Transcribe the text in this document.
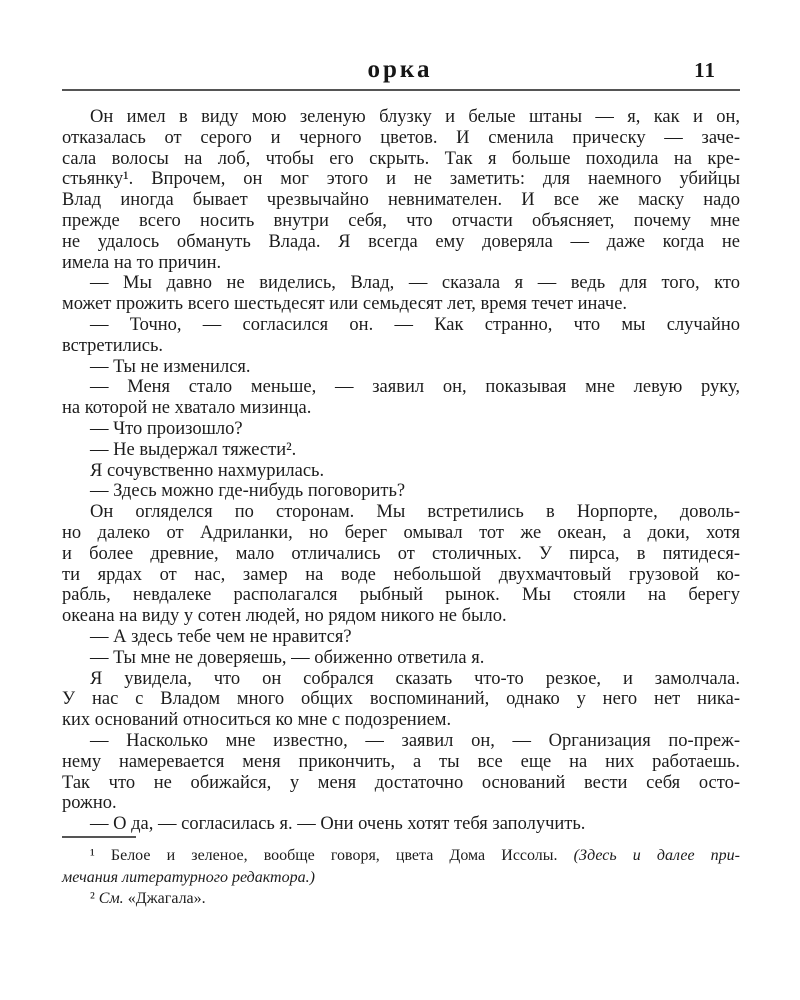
орка	11
Он имел в виду мою зеленую блузку и белые штаны — я, как и он,
отказалась от серого и черного цветов. И сменила прическу — заче-
сала волосы на лоб, чтобы его скрыть. Так я больше походила на кре-
стьянку¹. Впрочем, он мог этого и не заметить: для наемного убийцы
Влад иногда бывает чрезвычайно невнимателен. И все же маску надо
прежде всего носить внутри себя, что отчасти объясняет, почему мне
не удалось обмануть Влада. Я всегда ему доверяла — даже когда не
имела на то причин.
— Мы давно не виделись, Влад, — сказала я — ведь для того, кто
может прожить всего шестьдесят или семьдесят лет, время течет иначе.
— Точно, — согласился он. — Как странно, что мы случайно
встретились.
— Ты не изменился.
— Меня стало меньше, — заявил он, показывая мне левую руку,
на которой не хватало мизинца.
— Что произошло?
— Не выдержал тяжести².
Я сочувственно нахмурилась.
— Здесь можно где-нибудь поговорить?
Он огляделся по сторонам. Мы встретились в Норпорте, доволь-
но далеко от Адриланки, но берег омывал тот же океан, а доки, хотя
и более древние, мало отличались от столичных. У пирса, в пятидеся-
ти ярдах от нас, замер на воде небольшой двухмачтовый грузовой ко-
рабль, невдалеке располагался рыбный рынок. Мы стояли на берегу
океана на виду у сотен людей, но рядом никого не было.
— А здесь тебе чем не нравится?
— Ты мне не доверяешь, — обиженно ответила я.
Я увидела, что он собрался сказать что-то резкое, и замолчала.
У нас с Владом много общих воспоминаний, однако у него нет ника-
ких оснований относиться ко мне с подозрением.
— Насколько мне известно, — заявил он, — Организация по-преж-
нему намеревается меня прикончить, а ты все еще на них работаешь.
Так что не обижайся, у меня достаточно оснований вести себя осто-
рожно.
— О да, — согласилась я. — Они очень хотят тебя заполучить.
¹ Белое и зеленое, вообще говоря, цвета Дома Иссолы. (Здесь и далее при-
мечания литературного редактора.)
² См. «Джагала».
